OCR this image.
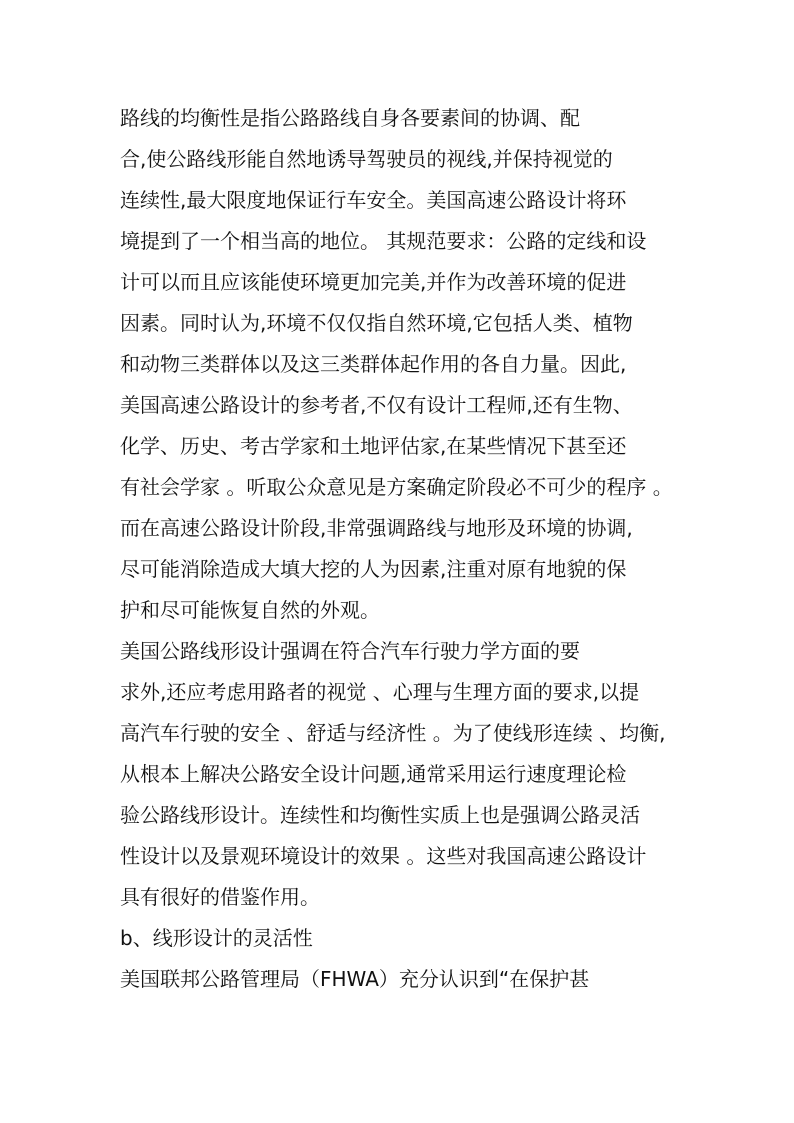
路线的均衡性是指公路路线自身各要素间的协调、配
合,使公路线形能自然地诱导驾驶员的视线,并保持视觉的
连续性,最大限度地保证行车安全。美国高速公路设计将环
境提到了一个相当高的地位。 其规范要求：公路的定线和设
计可以而且应该能使环境更加完美,并作为改善环境的促进
因素。同时认为,环境不仅仅指自然环境,它包括人类、植物
和动物三类群体以及这三类群体起作用的各自力量。因此,
美国高速公路设计的参考者,不仅有设计工程师,还有生物、
化学、历史、考古学家和土地评估家,在某些情况下甚至还
有社会学家 。听取公众意见是方案确定阶段必不可少的程序 。
而在高速公路设计阶段,非常强调路线与地形及环境的协调,
尽可能消除造成大填大挖的人为因素,注重对原有地貌的保
护和尽可能恢复自然的外观。
美国公路线形设计强调在符合汽车行驶力学方面的要
求外,还应考虑用路者的视觉 、心理与生理方面的要求,以提
高汽车行驶的安全 、舒适与经济性 。为了使线形连续 、均衡,
从根本上解决公路安全设计问题,通常采用运行速度理论检
验公路线形设计。连续性和均衡性实质上也是强调公路灵活
性设计以及景观环境设计的效果 。这些对我国高速公路设计
具有很好的借鉴作用。
b、线形设计的灵活性
美国联邦公路管理局（FHWA）充分认识到“在保护甚
